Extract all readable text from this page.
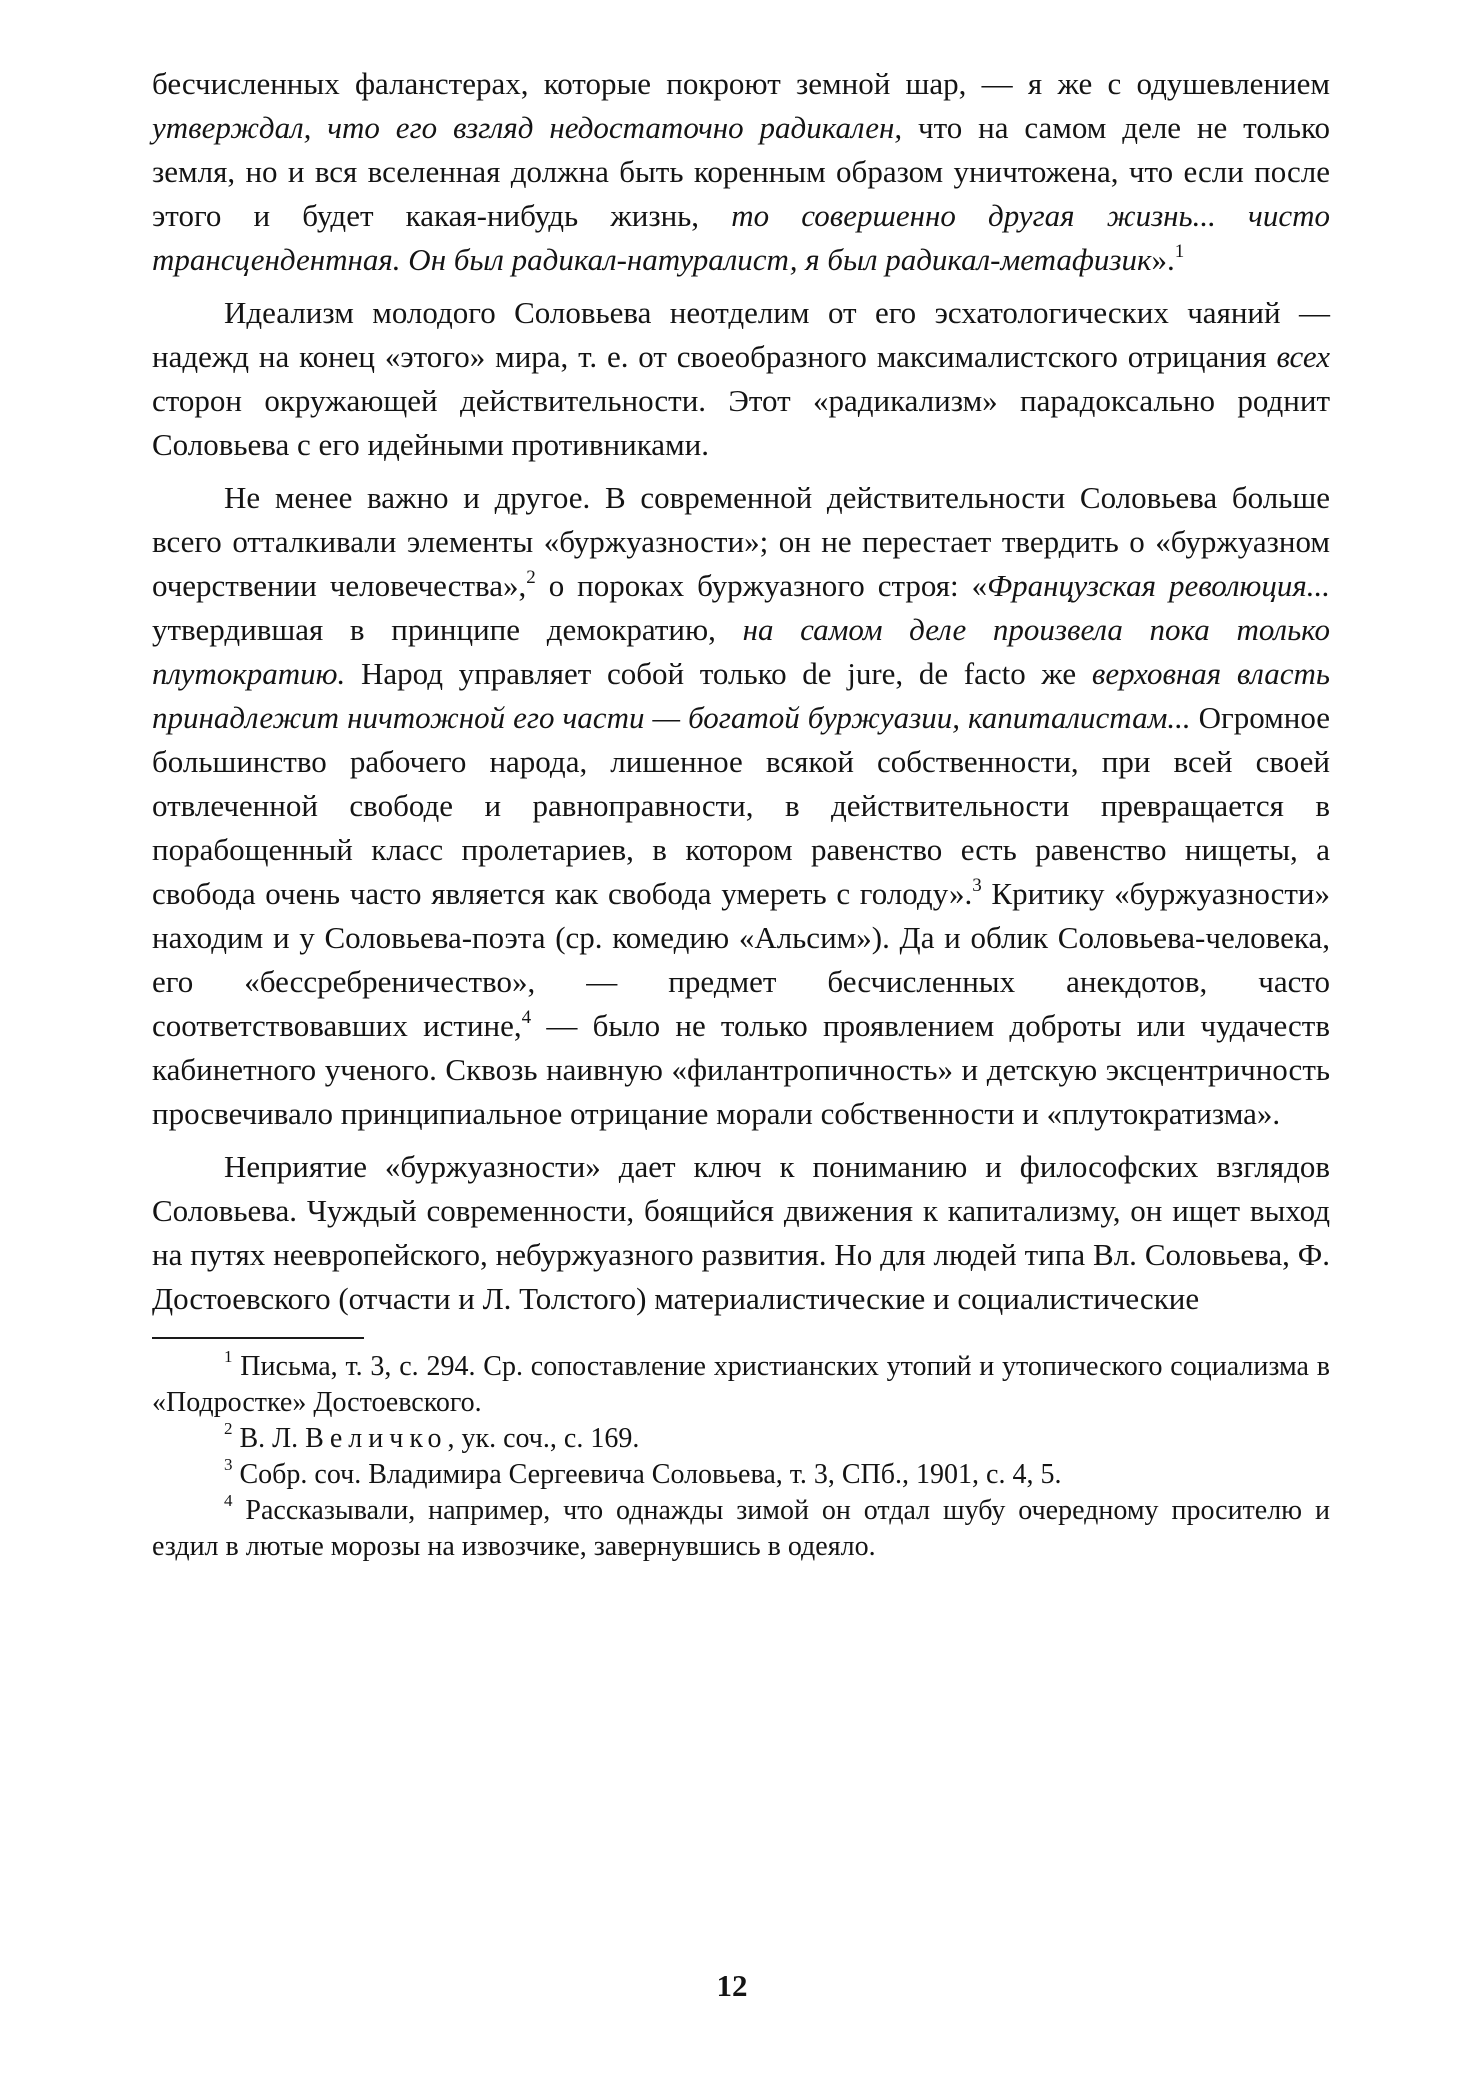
бесчисленных фаланстерах, которые покроют земной шар, — я же с одушевлением утверждал, что его взгляд недостаточно радикален, что на самом деле не только земля, но и вся вселенная должна быть коренным образом уничтожена, что если после этого и будет какая-нибудь жизнь, то совершенно другая жизнь... чисто трансцендентная. Он был радикал-натуралист, я был радикал-метафизик».$^1$

Идеализм молодого Соловьева неотделим от его эсхатологических чаяний — надежд на конец «этого» мира, т. е. от своеобразного максималистского отрицания всех сторон окружающей действительности. Этот «радикализм» парадоксально роднит Соловьева с его идейными противниками.

Не менее важно и другое. В современной действительности Соловьева больше всего отталкивали элементы «буржуазности»; он не перестает твердить о «буржуазном очерствении человечества»,$^2$ о пороках буржуазного строя: «Французская революция... утвердившая в принципе демократию, на самом деле произвела пока только плутократию. Народ управляет собой только de jure, de facto же верховная власть принадлежит ничтожной его части — богатой буржуазии, капиталистам... Огромное большинство рабочего народа, лишенное всякой собственности, при всей своей отвлеченной свободе и равноправности, в действительности превращается в порабощенный класс пролетариев, в котором равенство есть равенство нищеты, а свобода очень часто является как свобода умереть с голоду».$^3$ Критику «буржуазности» находим и у Соловьева-поэта (ср. комедию «Альсим»). Да и облик Соловьева-человека, его «бессребреничество», — предмет бесчисленных анекдотов, часто соответствовавших истине,$^4$ — было не только проявлением доброты или чудачеств кабинетного ученого. Сквозь наивную «филантропичность» и детскую эксцентричность просвечивало принципиальное отрицание морали собственности и «плутократизма».

Неприятие «буржуазности» дает ключ к пониманию и философских взглядов Соловьева. Чуждый современности, боящийся движения к капитализму, он ищет выход на путях неевропейского, небуржуазного развития. Но для людей типа Вл. Соловьева, Ф. Достоевского (отчасти и Л. Толстого) материалистические и социалистические

$^1$ Письма, т. 3, с. 294. Ср. сопоставление христианских утопий и утопического социализма в «Подростке» Достоевского.

$^2$ В. Л. Величко, ук. соч., с. 169.

$^3$ Собр. соч. Владимира Сергеевича Соловьева, т. 3, СПб., 1901, с. 4, 5.

$^4$ Рассказывали, например, что однажды зимой он отдал шубу очередному просителю и ездил в лютые морозы на извозчике, завернувшись в одеяло.

12
